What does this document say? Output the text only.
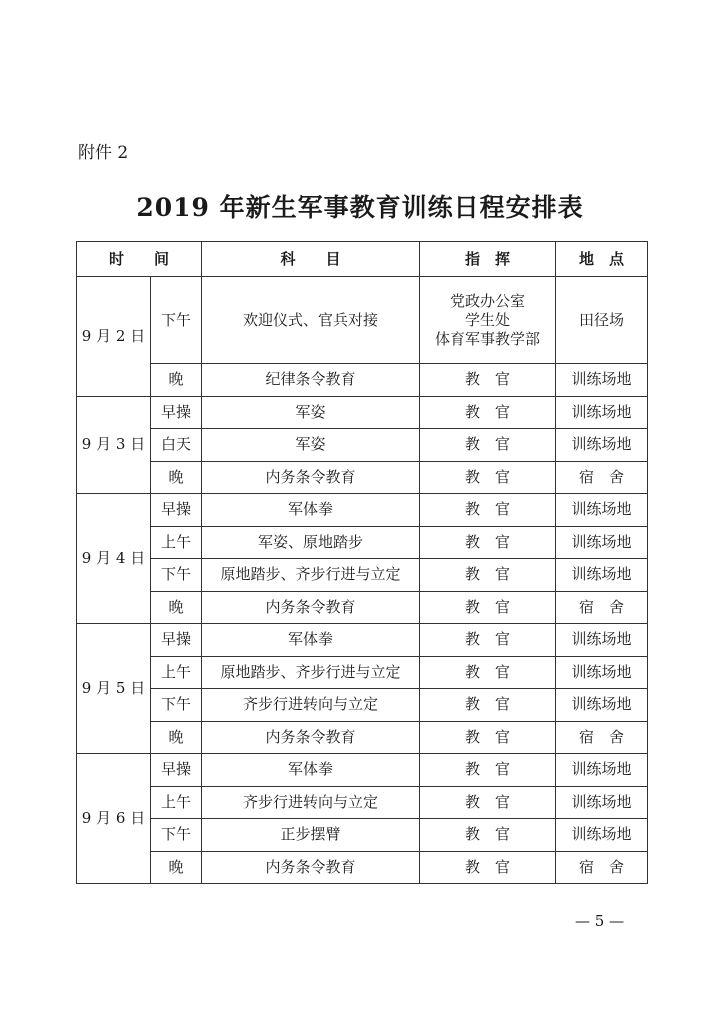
附件 2
2019 年新生军事教育训练日程安排表
时　　间		科　　目	指　挥	地　点
9 月 2 日	下午	欢迎仪式、官兵对接	党政办公室
学生处
体育军事教学部	田径场
	晚	纪律条令教育	教　官	训练场地
9 月 3 日	早操	军姿	教　官	训练场地
	白天	军姿	教　官	训练场地
	晚	内务条令教育	教　官	宿　舍
9 月 4 日	早操	军体拳	教　官	训练场地
	上午	军姿、原地踏步	教　官	训练场地
	下午	原地踏步、齐步行进与立定	教　官	训练场地
	晚	内务条令教育	教　官	宿　舍
9 月 5 日	早操	军体拳	教　官	训练场地
	上午	原地踏步、齐步行进与立定	教　官	训练场地
	下午	齐步行进转向与立定	教　官	训练场地
	晚	内务条令教育	教　官	宿　舍
9 月 6 日	早操	军体拳	教　官	训练场地
	上午	齐步行进转向与立定	教　官	训练场地
	下午	正步摆臂	教　官	训练场地
	晚	内务条令教育	教　官	宿　舍
— 5 —
